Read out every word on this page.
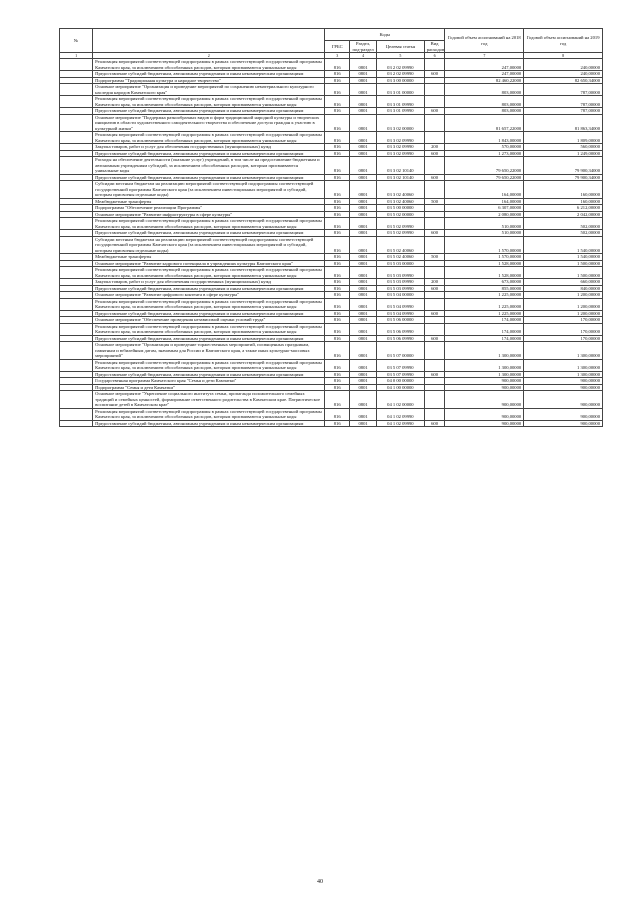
№		Коды				Годовой объем ассигнований на 2018 год	Годовой объем ассигнований на 2019 год
		ГРБС	Раздел, под-раздел	Целевая статья	Вид расходов		
1	2	3	4	5	6	7	8
	Реализация мероприятий соответствующей подпрограммы в рамках соответствующей государственной программы Камчатского края, за исключением обособленных расходов, которым присваиваются уникальные коды	816	0801	03 2 02 09990		247,00000	240,00000
	Предоставление субсидий бюджетным, автономным учреждениям и иным некоммерческим организациям	816	0801	03 2 02 09990	600	247,00000	240,00000
	Подпрограмма "Традиционная культура и народное творчество"	816	0801	03 3 00 00000		82 460,22000	82 650,34000
	Основное мероприятие "Организация и проведение мероприятий по сохранению нематериального культурного наследия народов Камчатского края"	816	0801	03 3 01 00000		803,00000	787,00000
	Реализация мероприятий соответствующей подпрограммы в рамках соответствующей государственной программы Камчатского края, за исключением обособленных расходов, которым присваиваются уникальные коды	816	0801	03 3 01 09990		803,00000	787,00000
	Предоставление субсидий бюджетным, автономным учреждениям и иным некоммерческим организациям	816	0801	03 3 01 09990	600	803,00000	787,00000
	Основное мероприятие "Поддержка разнообразных видов и форм традиционной народной культуры и творческих инициатив в области художественного самодеятельного творчества и обеспечение доступа граждан к участию в культурной жизни"	816	0801	03 3 02 00000		81 657,22000	81 863,34000
	Реализация мероприятий соответствующей подпрограммы в рамках соответствующей государственной программы Камчатского края, за исключением обособленных расходов, которым присваиваются уникальные коды	816	0801	03 3 02 09990		1 843,00000	1 809,00000
	Закупка товаров, работ и услуг для обеспечения государственных (муниципальных) нужд	816	0801	03 3 02 09990	200	570,00000	560,00000
	Предоставление субсидий бюджетным, автономным учреждениям и иным некоммерческим организациям	816	0801	03 3 02 09990	600	1 273,00000	1 249,00000
	Расходы на обеспечение деятельности (оказание услуг) учреждений, в том числе на предоставление бюджетным и автономным учреждениям субсидий, за исключением обособленных расходов, которым присваиваются уникальные коды	816	0801	03 3 02 10140		79 650,22000	79 900,34000
	Предоставление субсидий бюджетным, автономным учреждениям и иным некоммерческим организациям	816	0801	03 3 02 10140	600	79 650,22000	79 900,34000
	Субсидии местным бюджетам на реализацию мероприятий соответствующей подпрограммы соответствующей государственной программы Камчатского края (за исключением инвестиционных мероприятий и субсидий, которым присвоены отдельные коды)	816	0801	03 3 02 40060		164,00000	160,00000
	Межбюджетные трансферты	816	0801	03 3 02 40060	500	164,00000	160,00000
	Подпрограмма "Обеспечение реализации Программы"	816	0801	03 5 00 00000		6 307,00000	6 212,00000
	Основное мероприятие "Развитие инфраструктуры в сфере культуры"	816	0801	03 5 02 00000		2 080,00000	2 042,00000
	Реализация мероприятий соответствующей подпрограммы в рамках соответствующей государственной программы Камчатского края, за исключением обособленных расходов, которым присваиваются уникальные коды	816	0801	03 5 02 09990		510,00000	502,00000
	Предоставление субсидий бюджетным, автономным учреждениям и иным некоммерческим организациям	816	0801	03 5 02 09990	600	510,00000	502,00000
	Субсидии местным бюджетам на реализацию мероприятий соответствующей подпрограммы соответствующей государственной программы Камчатского края (за исключением инвестиционных мероприятий и субсидий, которым присвоены отдельные коды)	816	0801	03 5 02 40060		1 570,00000	1 540,00000
	Межбюджетные трансферты	816	0801	03 5 02 40060	500	1 570,00000	1 540,00000
	Основное мероприятие "Развитие кадрового потенциала в учреждениях культуры Камчатского края"	816	0801	03 5 03 00000		1 528,00000	1 500,00000
	Реализация мероприятий соответствующей подпрограммы в рамках соответствующей государственной программы Камчатского края, за исключением обособленных расходов, которым присваиваются уникальные коды	816	0801	03 5 03 09990		1 528,00000	1 500,00000
	Закупка товаров, работ и услуг для обеспечения государственных (муниципальных) нужд	816	0801	03 5 03 09990	200	673,00000	660,00000
	Предоставление субсидий бюджетным, автономным учреждениям и иным некоммерческим организациям	816	0801	03 5 03 09990	600	855,00000	840,00000
	Основное мероприятие "Развитие цифрового контента в сфере культуры"	816	0801	03 5 04 00000		1 225,00000	1 200,00000
	Реализация мероприятий соответствующей подпрограммы в рамках соответствующей государственной программы Камчатского края, за исключением обособленных расходов, которым присваиваются уникальные коды	816	0801	03 5 04 09990		1 225,00000	1 200,00000
	Предоставление субсидий бюджетным, автономным учреждениям и иным некоммерческим организациям	816	0801	03 5 04 09990	600	1 225,00000	1 200,00000
	Основное мероприятие "Обеспечение проведения независимой оценки условий труда"	816	0801	03 5 06 00000		174,00000	170,00000
	Реализация мероприятий соответствующей подпрограммы в рамках соответствующей государственной программы Камчатского края, за исключением обособленных расходов, которым присваиваются уникальные коды	816	0801	03 5 06 09990		174,00000	170,00000
	Предоставление субсидий бюджетным, автономным учреждениям и иным некоммерческим организациям	816	0801	03 5 06 09990	600	174,00000	170,00000
	Основное мероприятие "Организация и проведение торжественных мероприятий, посвященных праздникам, памятным и юбилейным датам, значимым для России и Камчатского края, а также иных культурно-массовых мероприятий"	816	0801	03 5 07 00000		1 300,00000	1 300,00000
	Реализация мероприятий соответствующей подпрограммы в рамках соответствующей государственной программы Камчатского края, за исключением обособленных расходов, которым присваиваются уникальные коды	816	0801	03 5 07 09990		1 300,00000	1 300,00000
	Предоставление субсидий бюджетным, автономным учреждениям и иным некоммерческим организациям	816	0801	03 5 07 09990	600	1 300,00000	1 300,00000
	Государственная программа Камчатского края "Семья и дети Камчатки"	816	0801	04 0 00 00000		900,00000	900,00000
	Подпрограмма "Семья и дети Камчатки"	816	0801	04 1 00 00000		900,00000	900,00000
	Основное мероприятие "Укрепление социального института семьи, пропаганда положительного семейных традиций и семейных ценностей, формирование ответственного родительства в Камчатском крае. Патриотическое воспитание детей в Камчатском крае"	816	0801	04 1 02 00000		900,00000	900,00000
	Реализация мероприятий соответствующей подпрограммы в рамках соответствующей государственной программы Камчатского края, за исключением обособленных расходов, которым присваиваются уникальные коды	816	0801	04 1 02 09990		900,00000	900,00000
	Предоставление субсидий бюджетным, автономным учреждениям и иным некоммерческим организациям	816	0801	04 1 02 09990	600	900,00000	900,00000
40
